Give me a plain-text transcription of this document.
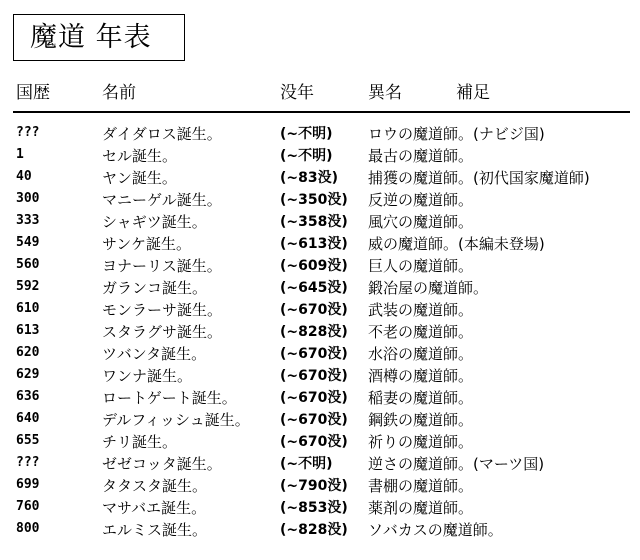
魔道 年表
国歴	名前	没年	異名	補足
???	ダイダロス誕生。	(~不明) ロウの魔道師。(ナビジ国)
1	セル誕生。	(~不明) 最古の魔道師。
40	ヤン誕生。	(~83没) 捕獲の魔道師。(初代国家魔道師)
300	マニーゲル誕生。	(~350没) 反逆の魔道師。
333	シャギツ誕生。	(~358没) 風穴の魔道師。
549	サンケ誕生。	(~613没) 威の魔道師。(本編未登場)
560	ヨナーリス誕生。	(~609没) 巨人の魔道師。
592	ガランコ誕生。	(~645没) 鍛冶屋の魔道師。
610	モンラーサ誕生。	(~670没) 武装の魔道師。
613	スタラグサ誕生。	(~828没) 不老の魔道師。
620	ツバンタ誕生。	(~670没) 水浴の魔道師。
629	ワンナ誕生。	(~670没) 酒樽の魔道師。
636	ロートゲート誕生。	(~670没) 稲妻の魔道師。
640	デルフィッシュ誕生。 (~670没) 鋼鉄の魔道師。
655	チリ誕生。	(~670没) 祈りの魔道師。
???	ゼゼコッタ誕生。	(~不明) 逆さの魔道師。(マーツ国)
699	タタスタ誕生。	(~790没) 書棚の魔道師。
760	マサバエ誕生。	(~853没) 薬剤の魔道師。
800	エルミス誕生。	(~828没) ソバカスの魔道師。
